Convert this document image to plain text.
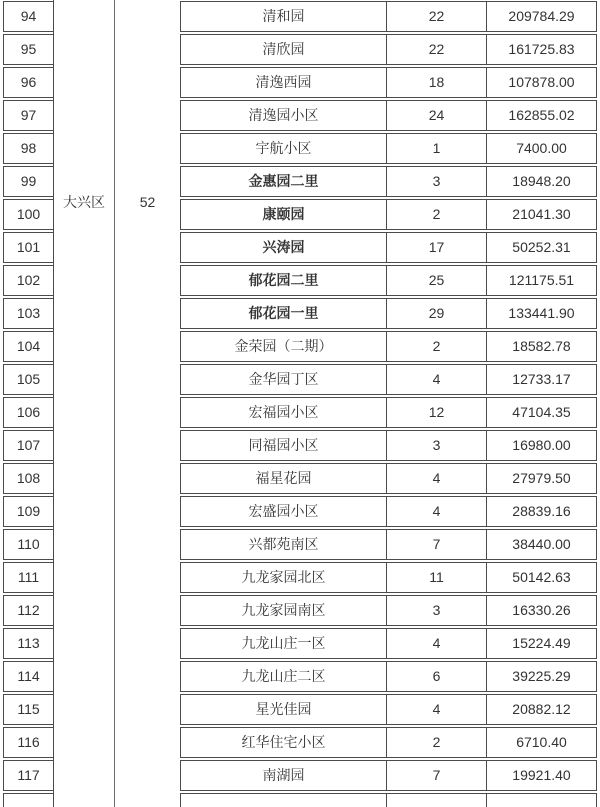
94			清和园	22	209784.29
95			清欣园	22	161725.83
96			清逸西园	18	107878.00
97			清逸园小区	24	162855.02
98			宇航小区	1	7400.00
99			金惠园二里	3	18948.20
100			康颐园	2	21041.30
101			兴涛园	17	50252.31
102			郁花园二里	25	121175.51
103			郁花园一里	29	133441.90
104			金荣园（二期）	2	18582.78
105			金华园丁区	4	12733.17
106			宏福园小区	12	47104.35
107			同福园小区	3	16980.00
108			福星花园	4	27979.50
109			宏盛园小区	4	28839.16
110			兴都苑南区	7	38440.00
111			九龙家园北区	11	50142.63
112			九龙家园南区	3	16330.26
113			九龙山庄一区	4	15224.49
114			九龙山庄二区	6	39225.29
115			星光佳园	4	20882.12
116			红华住宅小区	2	6710.40
117			南湖园	7	19921.40

大兴区	52
